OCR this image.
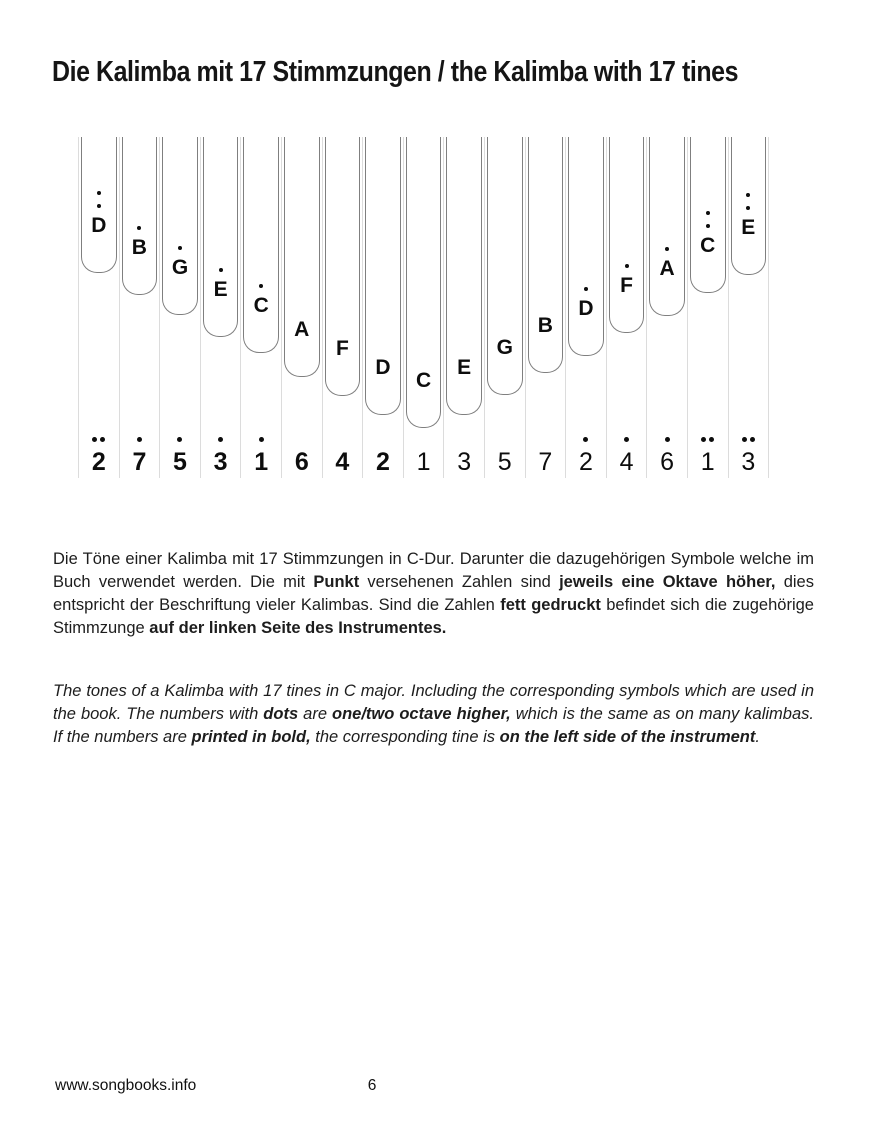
Die Kalimba mit 17 Stimmzungen / the Kalimba with 17 tines
D
2
B
7
G
5
E
3
C
1
A
6
F
4
D
2
C
1
E
3
G
5
B
7
D
2
F
4
A
6
C
1
E
3

Die Töne einer Kalimba mit 17 Stimmzungen in C-Dur. Darunter die dazugehörigen Symbole welche im Buch verwendet werden. Die mit Punkt versehenen Zahlen sind jeweils eine Oktave höher, dies entspricht der Beschriftung vieler Kalimbas. Sind die Zahlen fett gedruckt befindet sich die zugehörige Stimmzunge auf der linken Seite des Instrumentes.

The tones of a Kalimba with 17 tines in C major. Including the corresponding symbols which are used in the book. The numbers with dots are one/two octave higher, which is the same as on many kalimbas. If the numbers are printed in bold, the corresponding tine is on the left side of the instrument.

www.songbooks.info	6
